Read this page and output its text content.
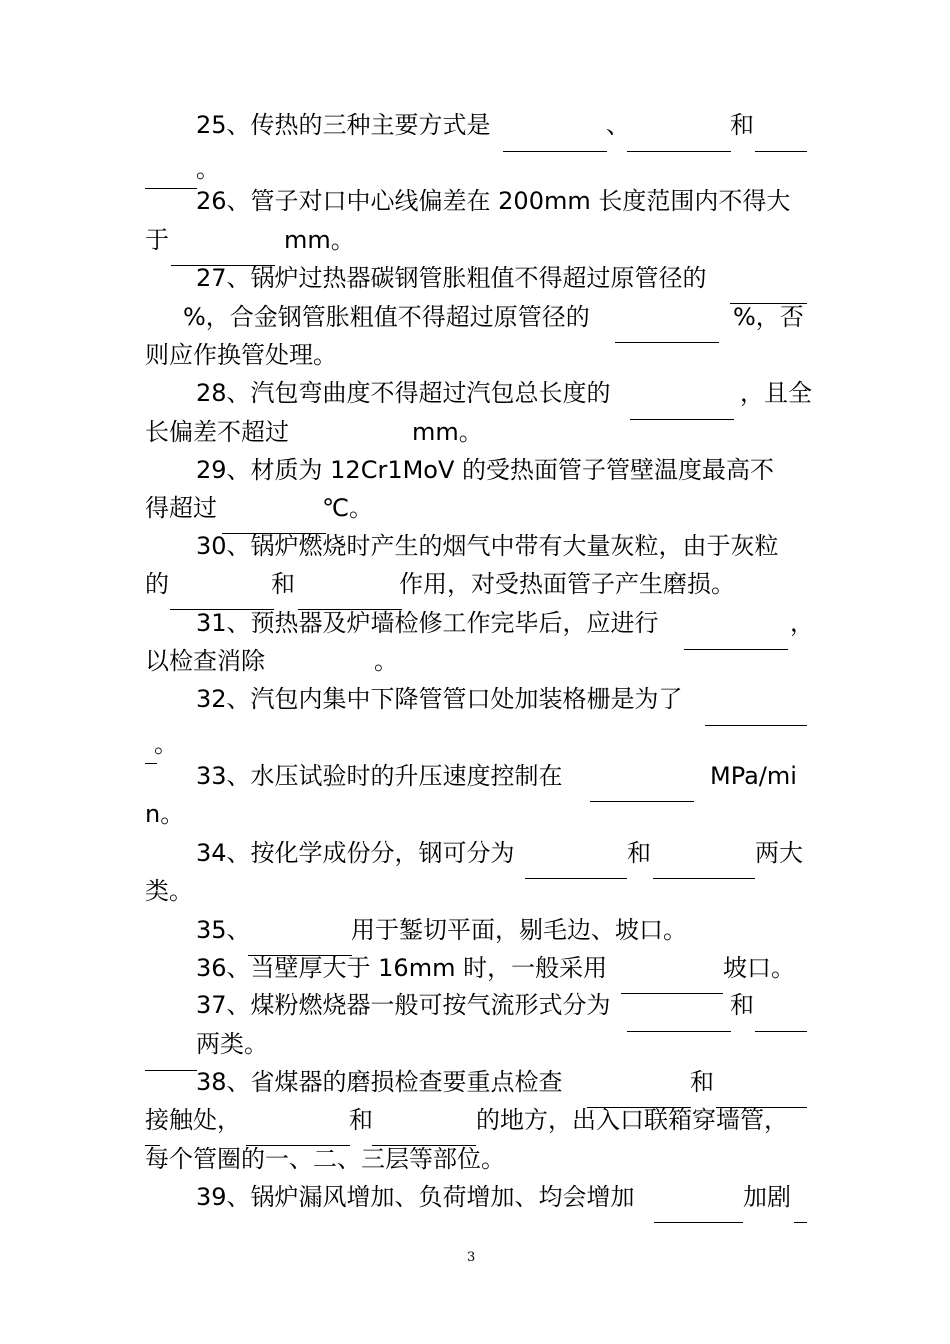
25、传热的三种主要方式是	、	和
。
26、管子对口中心线偏差在 200mm 长度范围内不得大
于	mm。
27、锅炉过热器碳钢管胀粗值不得超过原管径的
%，合金钢管胀粗值不得超过原管径的	%，否
则应作换管处理。
28、汽包弯曲度不得超过汽包总长度的	，且全
长偏差不超过	mm。
29、材质为 12Cr1MoV 的受热面管子管壁温度最高不
得超过	℃。
30、锅炉燃烧时产生的烟气中带有大量灰粒，由于灰粒
的	和	作用，对受热面管子产生磨损。
31、预热器及炉墙检修工作完毕后，应进行	，
以检查消除	。
32、汽包内集中下降管管口处加装格栅是为了
。
33、水压试验时的升压速度控制在	MPa/mi
n。
34、按化学成份分，钢可分为	和	两大
类。
35、	用于錾切平面，剔毛边、坡口。
36、当壁厚大于 16mm 时，一般采用	坡口。
37、煤粉燃烧器一般可按气流形式分为	和
两类。
38、省煤器的磨损检查要重点检查	和
接触处，	和	的地方，出入口联箱穿墙管，
每个管圈的一、二、三层等部位。
39、锅炉漏风增加、负荷增加、均会增加	加剧
3
